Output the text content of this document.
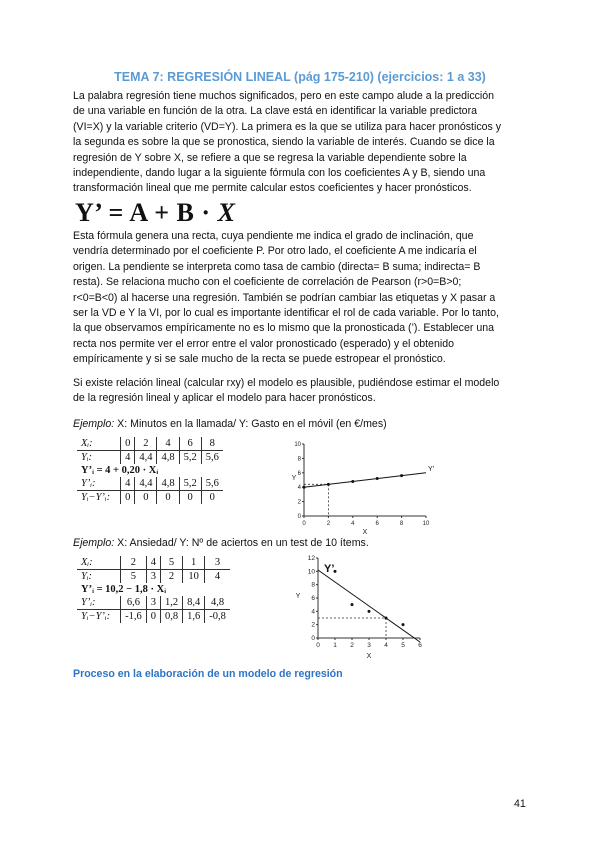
TEMA 7: REGRESIÓN LINEAL (pág 175-210) (ejercicios: 1 a 33)
La palabra regresión tiene muchos significados, pero en este campo alude a la predicción
de una variable en función de la otra. La clave está en identificar la variable predictora
(VI=X) y la variable criterio (VD=Y). La primera es la que se utiliza para hacer pronósticos y
la segunda es sobre la que se pronostica, siendo la variable de interés. Cuando se dice la
regresión de Y sobre X, se refiere a que se regresa la variable dependiente sobre la
independiente, dando lugar a la siguiente fórmula con los coeficientes A y B, siendo una
transformación lineal que me permite calcular estos coeficientes y hacer pronósticos.
Y’ = A + B · X
Esta fórmula genera una recta, cuya pendiente me indica el grado de inclinación, que
vendría determinado por el coeficiente P. Por otro lado, el coeficiente A me indicaría el
origen. La pendiente se interpreta como tasa de cambio (directa= B suma; indirecta= B
resta). Se relaciona mucho con el coeficiente de correlación de Pearson (r>0=B>0;
r<0=B<0) al hacerse una regresión. También se podrían cambiar las etiquetas y X pasar a
ser la VD e Y la VI, por lo cual es importante identificar el rol de cada variable. Por lo tanto,
la que observamos empíricamente no es lo mismo que la pronosticada (’). Establecer una
recta nos permite ver el error entre el valor pronosticado (esperado) y el obtenido
empíricamente y si se sale mucho de la recta se puede estropear el pronóstico.
Si existe relación lineal (calcular rxy) el modelo es plausible, pudiéndose estimar el modelo
de la regresión lineal y aplicar el modelo para hacer pronósticos.
Ejemplo: X: Minutos en la llamada/ Y: Gasto en el móvil (en €/mes)
Xᵢ:	0	2	4	6	8
Yᵢ:	4	4,4	4,8	5,2	5,6
Y’ᵢ = 4 + 0,20 · Xᵢ					
Y’ᵢ:	4	4,4	4,8	5,2	5,6
Yᵢ−Y’ᵢ:	0	0	0	0	0
0	2	4	6	8	10
0
2
4
6
8
10
X
Y
Y’
Ejemplo: X: Ansiedad/ Y: Nº de aciertos en un test de 10 ítems.
Xᵢ:	2	4	5	1	3
Yᵢ:	5	3	2	10	4
Y’ᵢ = 10,2 − 1,8 · Xᵢ					
Y’ᵢ:	6,6	3	1,2	8,4	4,8
Yᵢ−Y’ᵢ:	-1,6	0	0,8	1,6	-0,8
0 1 2 3 4 5 6
0
2
4
6
8
10
12
X
Y
Y’
Proceso en la elaboración de un modelo de regresión
41
